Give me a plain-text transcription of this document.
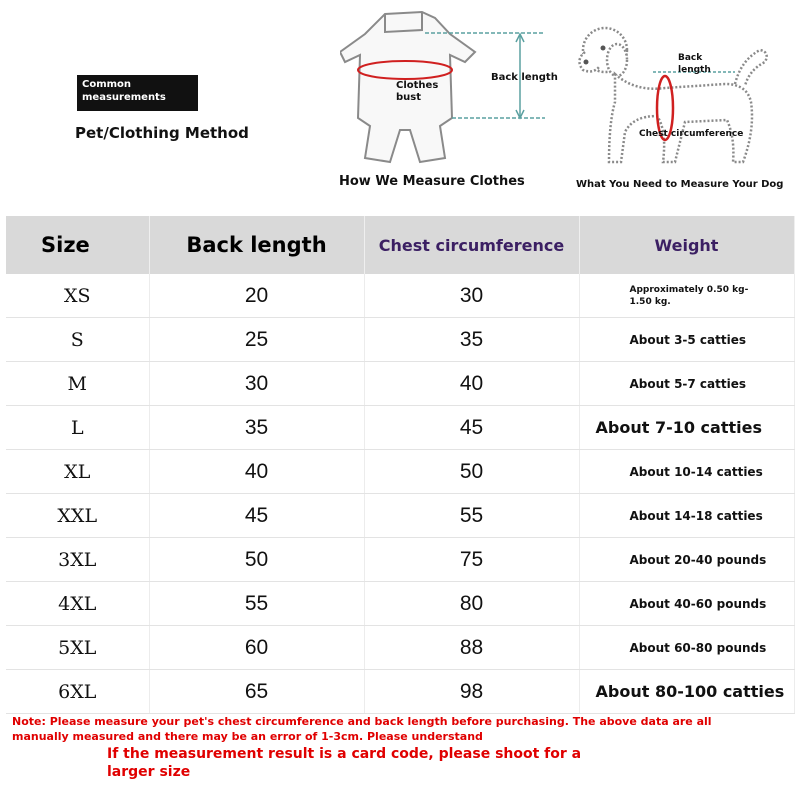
Common
measurements
Pet/Clothing Method
Back length
Clothes
bust
How We Measure Clothes
Back
length
Chest circumference
What You Need to Measure Your Dog
Size	Back length	Chest circumference	Weight
XS	20	30	Approximately 0.50 kg-
1.50 kg.
S	25	35	About 3-5 catties
M	30	40	About 5-7 catties
L	35	45	About 7-10 catties
XL	40	50	About 10-14 catties
XXL	45	55	About 14-18 catties
3XL	50	75	About 20-40 pounds
4XL	55	80	About 40-60 pounds
5XL	60	88	About 60-80 pounds
6XL	65	98	About 80-100 catties
Note: Please measure your pet's chest circumference and back length before purchasing. The above data are all manually measured and there may be an error of 1-3cm. Please understand
If the measurement result is a card code, please shoot for a larger size
